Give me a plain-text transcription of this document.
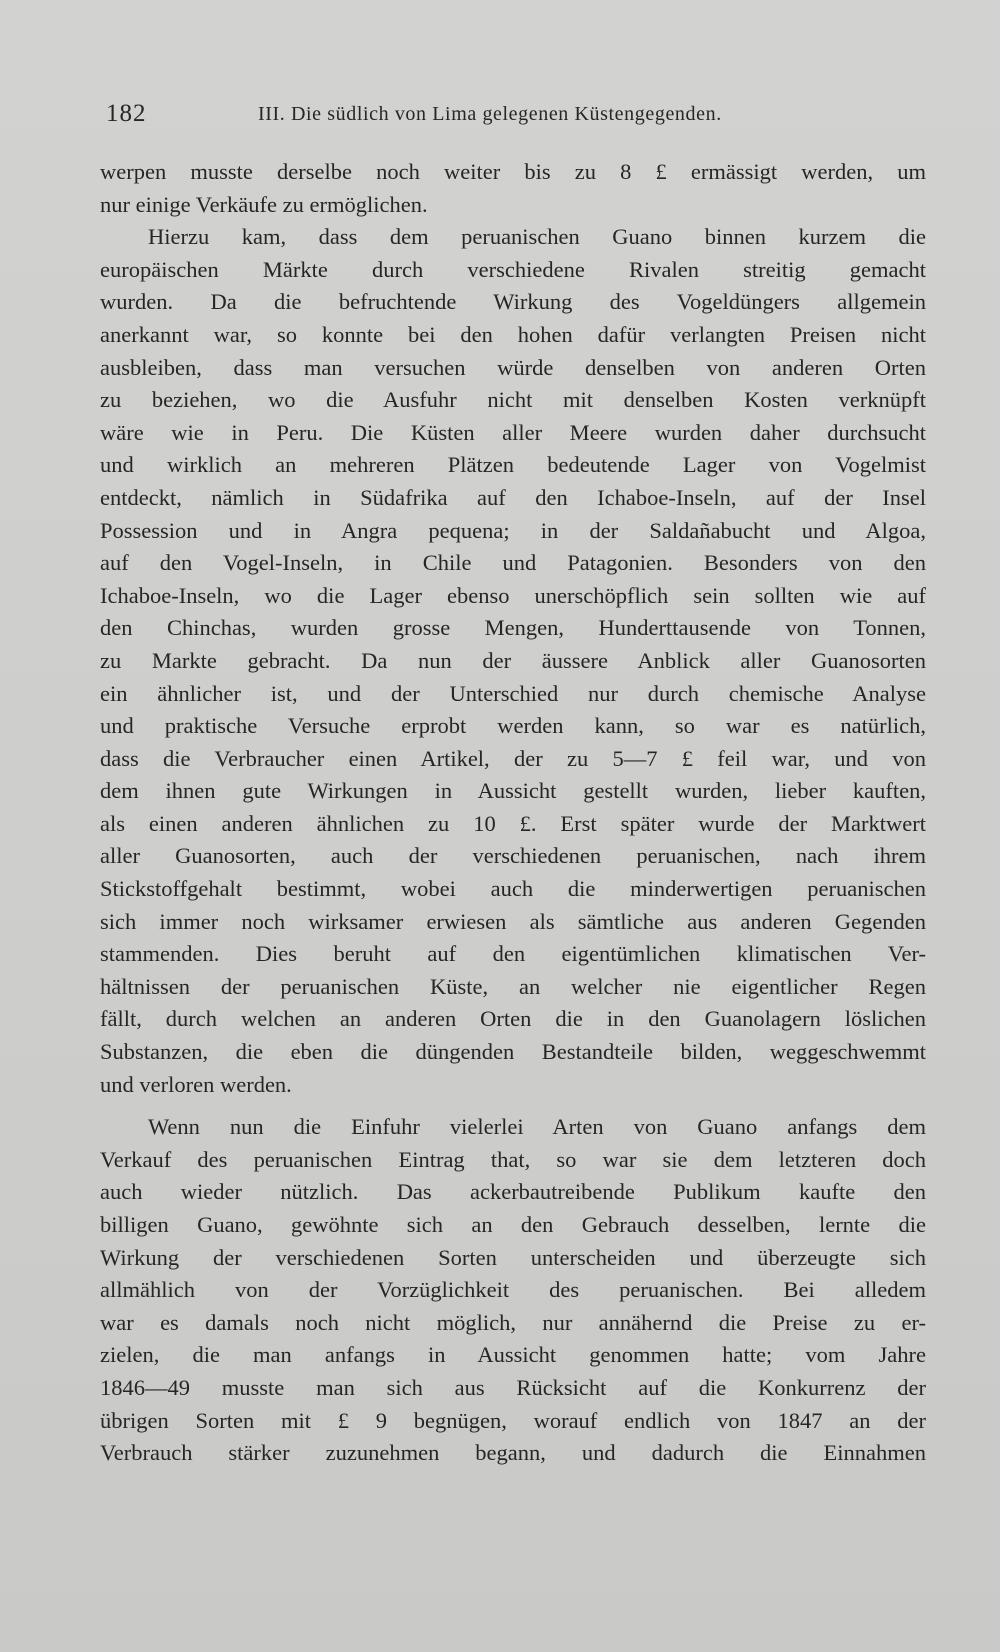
182	III. Die südlich von Lima gelegenen Küstengegenden.
werpen musste derselbe noch weiter bis zu 8 £ ermässigt werden, um
nur einige Verkäufe zu ermöglichen.
Hierzu kam, dass dem peruanischen Guano binnen kurzem die
europäischen Märkte durch verschiedene Rivalen streitig gemacht
wurden. Da die befruchtende Wirkung des Vogeldüngers allgemein
anerkannt war, so konnte bei den hohen dafür verlangten Preisen nicht
ausbleiben, dass man versuchen würde denselben von anderen Orten
zu beziehen, wo die Ausfuhr nicht mit denselben Kosten verknüpft
wäre wie in Peru. Die Küsten aller Meere wurden daher durchsucht
und wirklich an mehreren Plätzen bedeutende Lager von Vogelmist
entdeckt, nämlich in Südafrika auf den Ichaboe-Inseln, auf der Insel
Possession und in Angra pequena; in der Saldañabucht und Algoa,
auf den Vogel-Inseln, in Chile und Patagonien. Besonders von den
Ichaboe-Inseln, wo die Lager ebenso unerschöpflich sein sollten wie auf
den Chinchas, wurden grosse Mengen, Hunderttausende von Tonnen,
zu Markte gebracht. Da nun der äussere Anblick aller Guanosorten
ein ähnlicher ist, und der Unterschied nur durch chemische Analyse
und praktische Versuche erprobt werden kann, so war es natürlich,
dass die Verbraucher einen Artikel, der zu 5—7 £ feil war, und von
dem ihnen gute Wirkungen in Aussicht gestellt wurden, lieber kauften,
als einen anderen ähnlichen zu 10 £. Erst später wurde der Marktwert
aller Guanosorten, auch der verschiedenen peruanischen, nach ihrem
Stickstoffgehalt bestimmt, wobei auch die minderwertigen peruanischen
sich immer noch wirksamer erwiesen als sämtliche aus anderen Gegenden
stammenden. Dies beruht auf den eigentümlichen klimatischen Ver-
hältnissen der peruanischen Küste, an welcher nie eigentlicher Regen
fällt, durch welchen an anderen Orten die in den Guanolagern löslichen
Substanzen, die eben die düngenden Bestandteile bilden, weggeschwemmt
und verloren werden.
Wenn nun die Einfuhr vielerlei Arten von Guano anfangs dem
Verkauf des peruanischen Eintrag that, so war sie dem letzteren doch
auch wieder nützlich. Das ackerbautreibende Publikum kaufte den
billigen Guano, gewöhnte sich an den Gebrauch desselben, lernte die
Wirkung der verschiedenen Sorten unterscheiden und überzeugte sich
allmählich von der Vorzüglichkeit des peruanischen. Bei alledem
war es damals noch nicht möglich, nur annähernd die Preise zu er-
zielen, die man anfangs in Aussicht genommen hatte; vom Jahre
1846—49 musste man sich aus Rücksicht auf die Konkurrenz der
übrigen Sorten mit £ 9 begnügen, worauf endlich von 1847 an der
Verbrauch stärker zuzunehmen begann, und dadurch die Einnahmen
